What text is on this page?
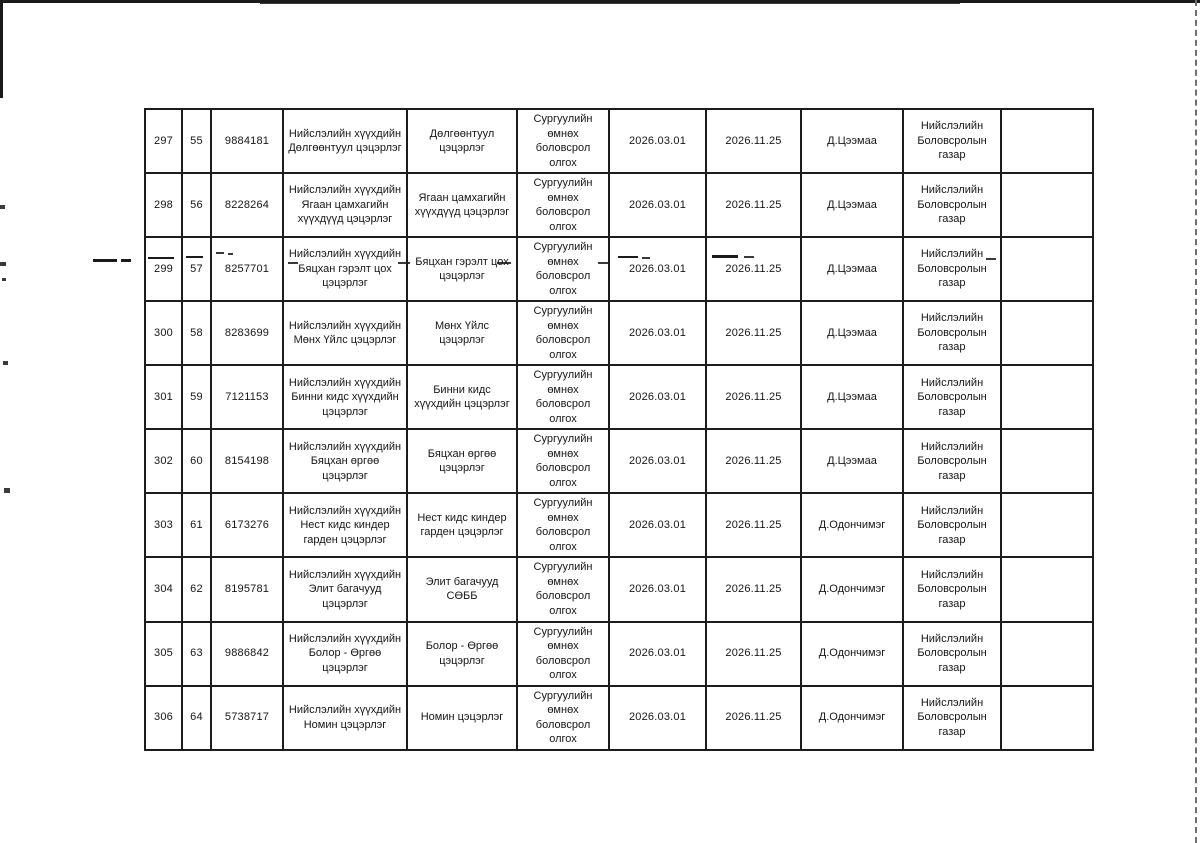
297	55	9884181	Нийслэлийн хүүхдийн Дөлгөөнтуул цэцэрлэг	Дөлгөөнтуул цэцэрлэг	Сургуулийн өмнөх боловсрол олгох	2026.03.01	2026.11.25	Д.Цээмаа	Нийслэлийн Боловсролын газар	
298	56	8228264	Нийслэлийн хүүхдийн Ягаан цамхагийн хүүхдүүд цэцэрлэг	Ягаан цамхагийн хүүхдүүд цэцэрлэг	Сургуулийн өмнөх боловсрол олгох	2026.03.01	2026.11.25	Д.Цээмаа	Нийслэлийн Боловсролын газар	
299	57	8257701	Нийслэлийн хүүхдийн Бяцхан гэрэлт цох цэцэрлэг	Бяцхан гэрэлт цох цэцэрлэг	Сургуулийн өмнөх боловсрол олгох	2026.03.01	2026.11.25	Д.Цээмаа	Нийслэлийн Боловсролын газар	
300	58	8283699	Нийслэлийн хүүхдийн Мөнх Үйлс цэцэрлэг	Мөнх Үйлс цэцэрлэг	Сургуулийн өмнөх боловсрол олгох	2026.03.01	2026.11.25	Д.Цээмаа	Нийслэлийн Боловсролын газар	
301	59	7121153	Нийслэлийн хүүхдийн Бинни кидс хүүхдийн цэцэрлэг	Бинни кидс хүүхдийн цэцэрлэг	Сургуулийн өмнөх боловсрол олгох	2026.03.01	2026.11.25	Д.Цээмаа	Нийслэлийн Боловсролын газар	
302	60	8154198	Нийслэлийн хүүхдийн Бяцхан өргөө цэцэрлэг	Бяцхан өргөө цэцэрлэг	Сургуулийн өмнөх боловсрол олгох	2026.03.01	2026.11.25	Д.Цээмаа	Нийслэлийн Боловсролын газар	
303	61	6173276	Нийслэлийн хүүхдийн Нест кидс киндер гарден цэцэрлэг	Нест кидс киндер гарден цэцэрлэг	Сургуулийн өмнөх боловсрол олгох	2026.03.01	2026.11.25	Д.Одончимэг	Нийслэлийн Боловсролын газар	
304	62	8195781	Нийслэлийн хүүхдийн Элит багачууд цэцэрлэг	Элит багачууд СӨББ	Сургуулийн өмнөх боловсрол олгох	2026.03.01	2026.11.25	Д.Одончимэг	Нийслэлийн Боловсролын газар	
305	63	9886842	Нийслэлийн хүүхдийн Болор - Өргөө цэцэрлэг	Болор - Өргөө цэцэрлэг	Сургуулийн өмнөх боловсрол олгох	2026.03.01	2026.11.25	Д.Одончимэг	Нийслэлийн Боловсролын газар	
306	64	5738717	Нийслэлийн хүүхдийн Номин цэцэрлэг	Номин цэцэрлэг	Сургуулийн өмнөх боловсрол олгох	2026.03.01	2026.11.25	Д.Одончимэг	Нийслэлийн Боловсролын газар	
